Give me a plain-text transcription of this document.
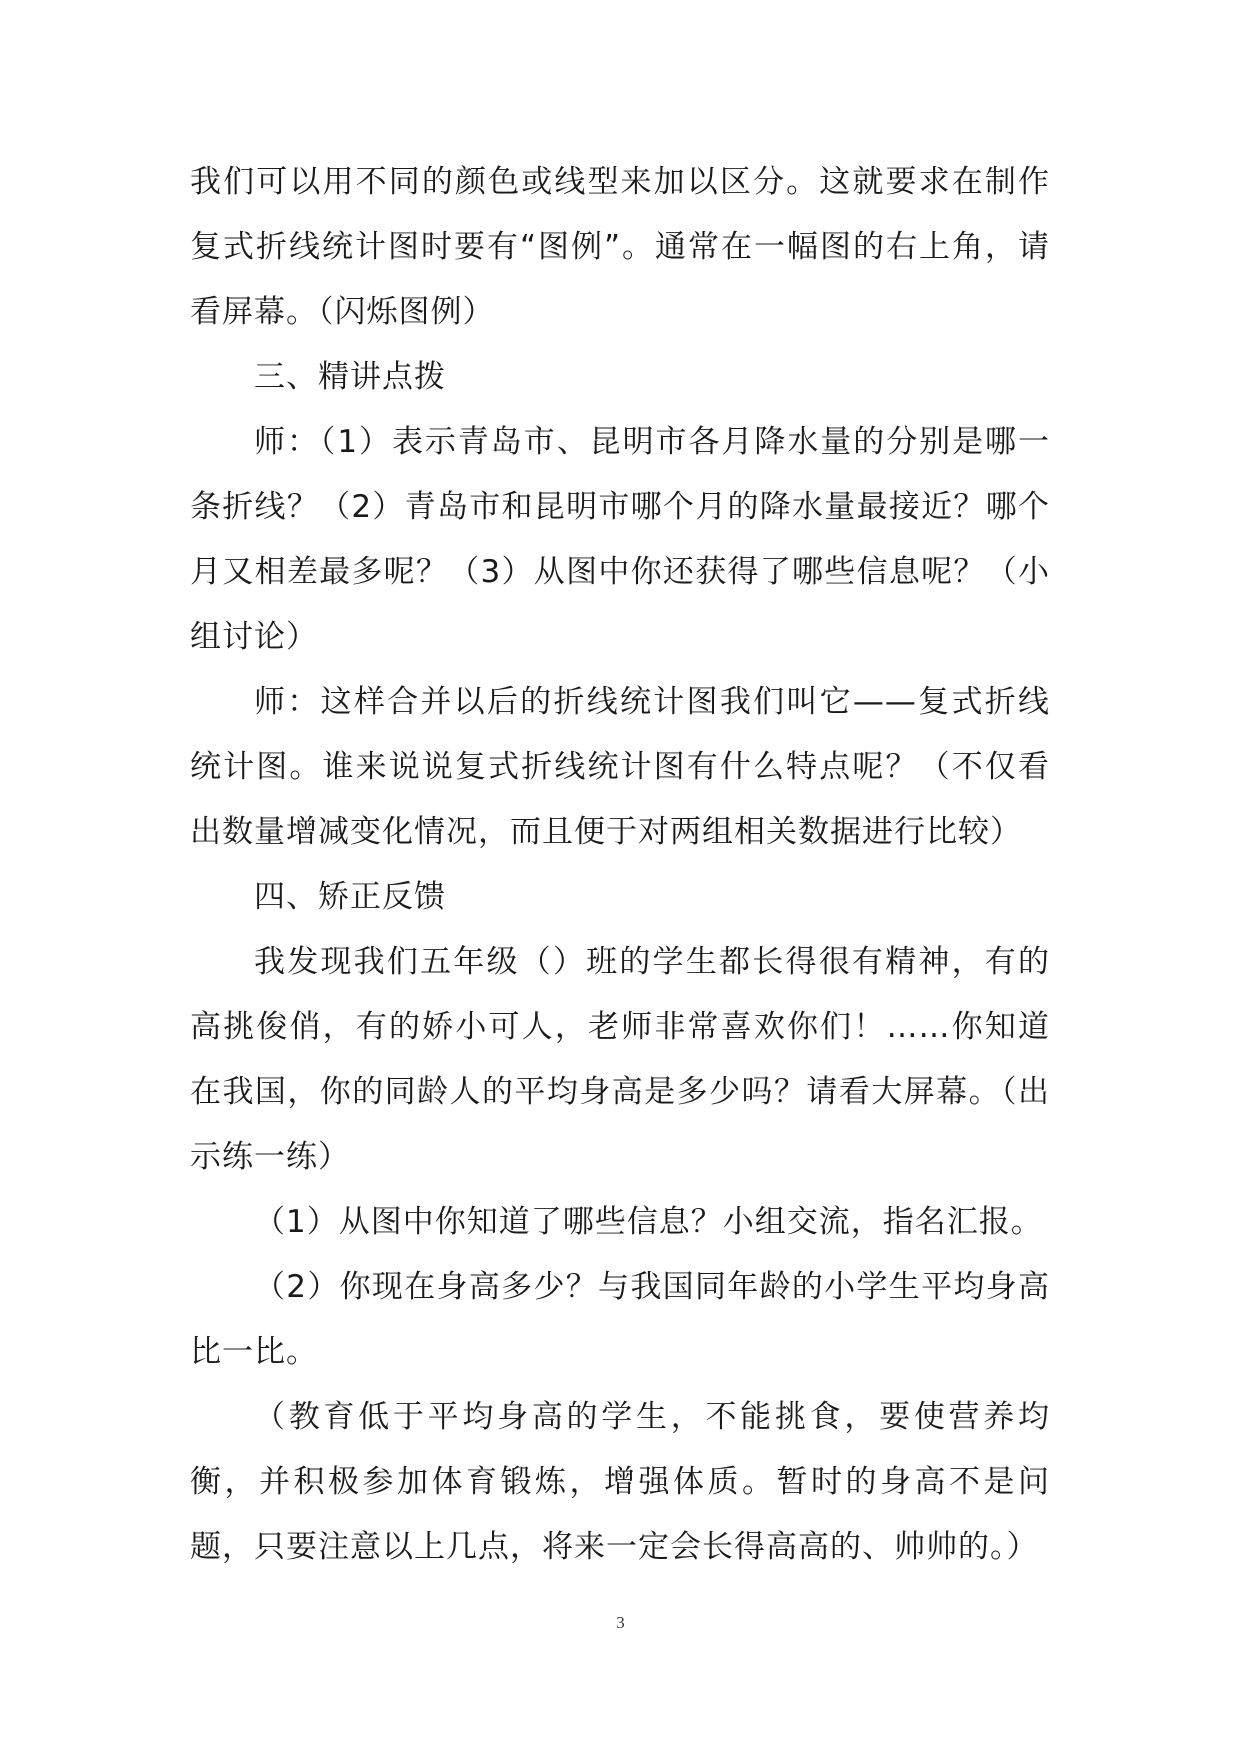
我们可以用不同的颜色或线型来加以区分。这就要求在制作复式折线统计图时要有“图例”。通常在一幅图的右上角，请看屏幕。（闪烁图例）

三、精讲点拨

师：（1）表示青岛市、昆明市各月降水量的分别是哪一条折线？（2）青岛市和昆明市哪个月的降水量最接近？哪个月又相差最多呢？（3）从图中你还获得了哪些信息呢？（小组讨论）

师：这样合并以后的折线统计图我们叫它——复式折线统计图。谁来说说复式折线统计图有什么特点呢？（不仅看出数量增减变化情况，而且便于对两组相关数据进行比较）

四、矫正反馈

我发现我们五年级（）班的学生都长得很有精神，有的高挑俊俏，有的娇小可人，老师非常喜欢你们！……你知道在我国，你的同龄人的平均身高是多少吗？请看大屏幕。（出示练一练）

（1）从图中你知道了哪些信息？小组交流，指名汇报。

（2）你现在身高多少？与我国同年龄的小学生平均身高比一比。

（教育低于平均身高的学生，不能挑食，要使营养均衡，并积极参加体育锻炼，增强体质。暂时的身高不是问题，只要注意以上几点，将来一定会长得高高的、帅帅的。）

3
